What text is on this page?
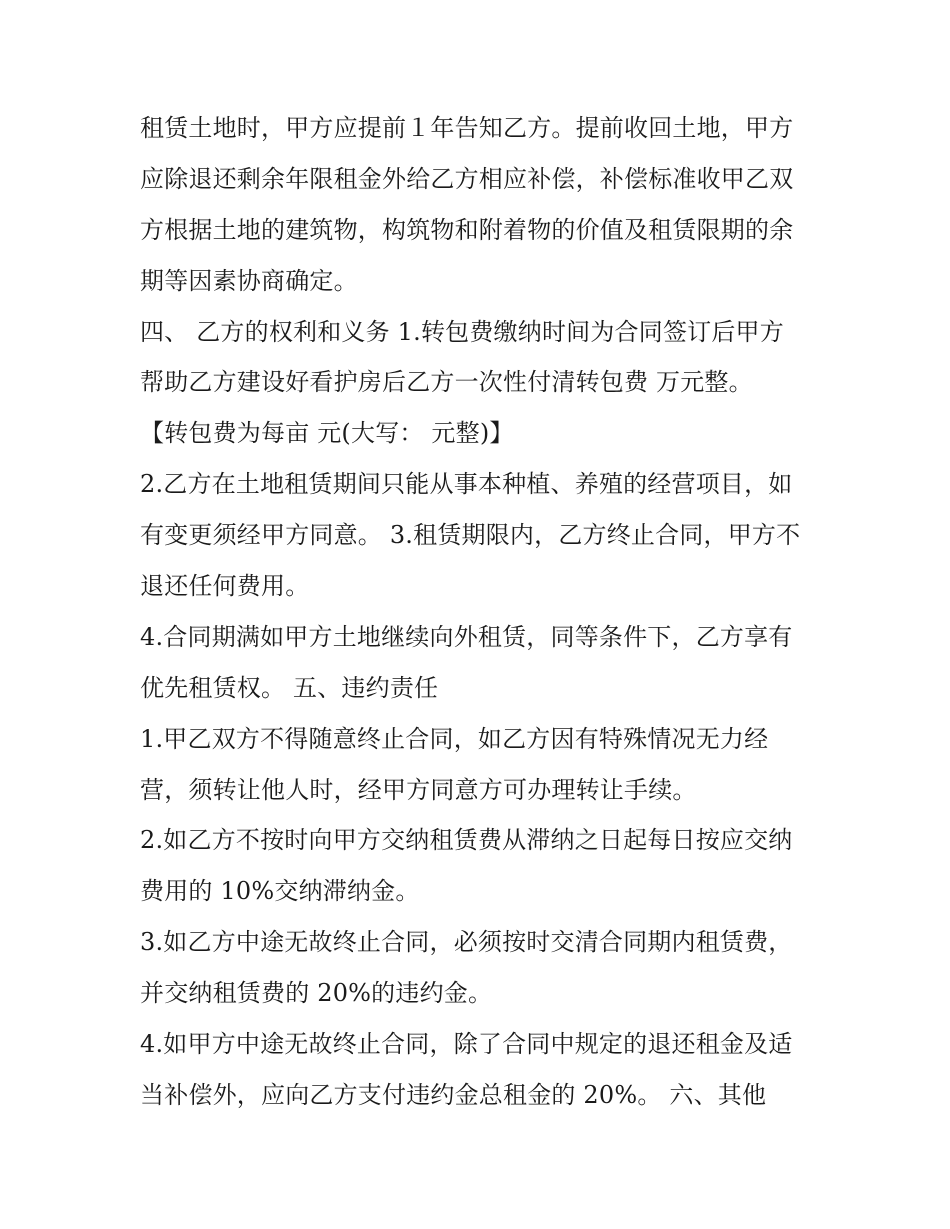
租赁土地时，甲方应提前１年告知乙方。提前收回土地，甲方
应除退还剩余年限租金外给乙方相应补偿，补偿标准收甲乙双
方根据土地的建筑物，构筑物和附着物的价值及租赁限期的余
期等因素协商确定。
四、 乙方的权利和义务 1.转包费缴纳时间为合同签订后甲方
帮助乙方建设好看护房后乙方一次性付清转包费 万元整。
【转包费为每亩 元(大写： 元整)】
2.乙方在土地租赁期间只能从事本种植、养殖的经营项目，如
有变更须经甲方同意。 3.租赁期限内，乙方终止合同，甲方不
退还任何费用。
4.合同期满如甲方土地继续向外租赁，同等条件下，乙方享有
优先租赁权。 五、违约责任
1.甲乙双方不得随意终止合同，如乙方因有特殊情况无力经
营，须转让他人时，经甲方同意方可办理转让手续。
2.如乙方不按时向甲方交纳租赁费从滞纳之日起每日按应交纳
费用的 10%交纳滞纳金。
3.如乙方中途无故终止合同，必须按时交清合同期内租赁费，
并交纳租赁费的 20%的违约金。
4.如甲方中途无故终止合同，除了合同中规定的退还租金及适
当补偿外，应向乙方支付违约金总租金的 20%。 六、其他
